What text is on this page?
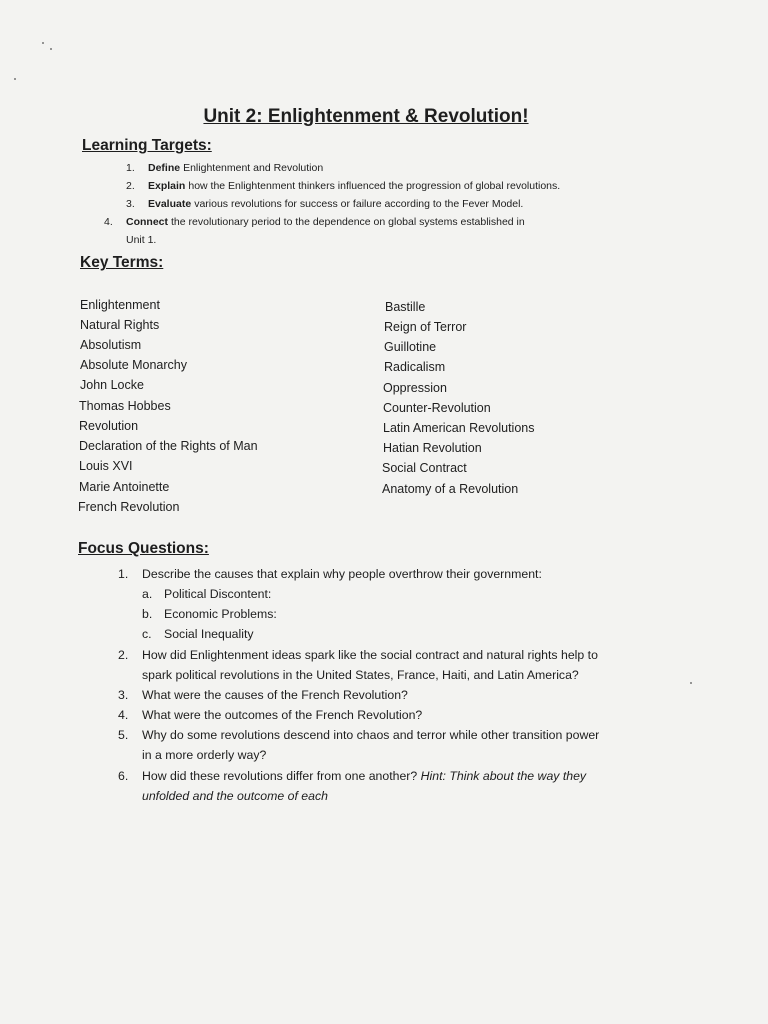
Unit 2: Enlightenment & Revolution!
Learning Targets:
1.	Define Enlightenment and Revolution
2.	Explain how the Enlightenment thinkers influenced the progression of global revolutions.
3.	Evaluate various revolutions for success or failure according to the Fever Model.
4.	Connect the revolutionary period to the dependence on global systems established in
Unit 1.
Key Terms:
Enlightenment
Natural Rights
Absolutism
Absolute Monarchy
John Locke
Thomas Hobbes
Revolution
Declaration of the Rights of Man
Louis XVI
Marie Antoinette
French Revolution
Bastille
Reign of Terror
Guillotine
Radicalism
Oppression
Counter-Revolution
Latin American Revolutions
Hatian Revolution
Social Contract
Anatomy of a Revolution
Focus Questions:
1.	Describe the causes that explain why people overthrow their government:
a. Political Discontent:
b. Economic Problems:
c. Social Inequality
2.	How did Enlightenment ideas spark like the social contract and natural rights help to spark political revolutions in the United States, France, Haiti, and Latin America?
3.	What were the causes of the French Revolution?
4.	What were the outcomes of the French Revolution?
5.	Why do some revolutions descend into chaos and terror while other transition power in a more orderly way?
6.	How did these revolutions differ from one another? Hint: Think about the way they unfolded and the outcome of each
